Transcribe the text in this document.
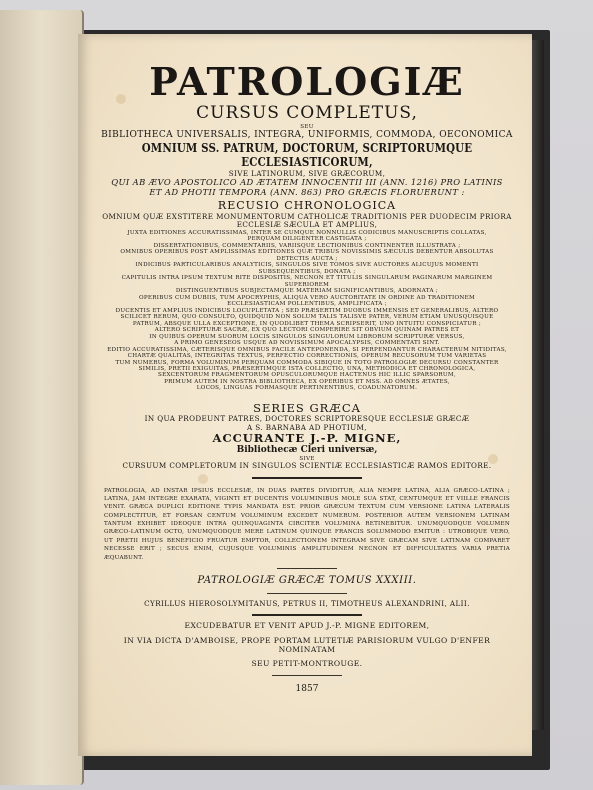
PATROLOGIÆ
CURSUS COMPLETUS,
SEU
BIBLIOTHECA UNIVERSALIS, INTEGRA, UNIFORMIS, COMMODA, OECONOMICA
OMNIUM SS. PATRUM, DOCTORUM, SCRIPTORUMQUE ECCLESIASTICORUM,
SIVE LATINORUM, SIVE GRÆCORUM,
QUI AB ÆVO APOSTOLICO AD ÆTATEM INNOCENTII III (ANN. 1216) PRO LATINIS
ET AD PHOTII TEMPORA (ANN. 863) PRO GRÆCIS FLORUERUNT :
RECUSIO CHRONOLOGICA
OMNIUM QUÆ EXSTITERE MONUMENTORUM CATHOLICÆ TRADITIONIS PER DUODECIM PRIORA
ECCLESIÆ SÆCULA ET AMPLIUS,
JUXTA EDITIONES ACCURATISSIMAS, INTER SE CUMQUE NONNULLIS CODICIBUS MANUSCRIPTIS COLLATAS,
PERQUAM DILIGENTER CASTIGATA ;
DISSERTATIONIBUS, COMMENTARIIS, VARIISQUE LECTIONIBUS CONTINENTER ILLUSTRATA ;
OMNIBUS OPERIBUS POST AMPLISSIMAS EDITIONES QUÆ TRIBUS NOVISSIMIS SÆCULIS DEBENTUR ABSOLUTAS
DETECTIS AUCTA ;
INDICIBUS PARTICULARIBUS ANALYTICIS, SINGULOS SIVE TOMOS SIVE AUCTORES ALICUJUS MOMENTI
SUBSEQUENTIBUS, DONATA ;
CAPITULIS INTRA IPSUM TEXTUM RITE DISPOSITIS, NECNON ET TITULIS SINGULARUM PAGINARUM MARGINEM SUPERIOREM
DISTINGUENTIBUS SUBJECTAMQUE MATERIAM SIGNIFICANTIBUS, ADORNATA ;
OPERIBUS CUM DUBIIS, TUM APOCRYPHIS, ALIQUA VERO AUCTORITATE IN ORDINE AD TRADITIONEM
ECCLESIASTICAM POLLENTIBUS, AMPLIFICATA ;
DUCENTIS ET AMPLIUS INDICIBUS LOCUPLETATA ; SED PRÆSERTIM DUOBUS IMMENSIS ET GENERALIBUS, ALTERO
SCILICET RERUM, QUO CONSULTO, QUIDQUID NON SOLUM TALIS TALISVE PATER, VERUM ETIAM UNUSQUISQUE
PATRUM, ABSQUE ULLA EXCEPTIONE, IN QUODLIBET THEMA SCRIPSERIT, UNO INTUITU CONSPICIATUR ;
ALTERO SCRIPTURÆ SACRÆ, EX QUO LECTORI COMPERIRE SIT OBVIUM QUINAM PATRES ET
IN QUIBUS OPERUM SUORUM LOCIS SINGULOS SINGULORUM LIBRORUM SCRIPTURÆ VERSUS,
A PRIMO GENESEOS USQUE AD NOVISSIMUM APOCALYPSIS, COMMENTATI SINT.
EDITIO ACCURATISSIMA, CÆTERISQUE OMNIBUS FACILE ANTEPONENDA, SI PERPENDANTUR CHARACTERUM NITIDITAS,
CHARTÆ QUALITAS, INTEGRITAS TEXTUS, PERFECTIO CORRECTIONIS, OPERUM RECUSORUM TUM VARIETAS
TUM NUMERUS, FORMA VOLUMINUM PERQUAM COMMODA SIBIQUE IN TOTO PATROLOGIÆ DECURSU CONSTANTER
SIMILIS, PRETII EXIGUITAS, PRÆSERTIMQUE ISTA COLLECTIO, UNA, METHODICA ET CHRONOLOGICA,
SEXCENTORUM FRAGMENTORUM OPUSCULORUMQUE HACTENUS HIC ILLIC SPARSORUM,
PRIMUM AUTEM IN NOSTRA BIBLIOTHECA, EX OPERIBUS ET MSS. AD OMNES ÆTATES,
LOCOS, LINGUAS FORMASQUE PERTINENTIBUS, COADUNATORUM.
SERIES GRÆCA
IN QUA PRODEUNT PATRES, DOCTORES SCRIPTORESQUE ECCLESIÆ GRÆCÆ
A S. BARNABA AD PHOTIUM,
ACCURANTE J.-P. MIGNE,
Bibliothecæ Cleri universæ,
SIVE
CURSUUM COMPLETORUM IN SINGULOS SCIENTIÆ ECCLESIASTICÆ RAMOS EDITORE.

PATROLOGIA, AD INSTAR IPSIUS ECCLESIÆ, IN DUAS PARTES DIVIDITUR, ALIA NEMPE LATINA, ALIA GRÆCO-LATINA ; LATINA, JAM INTEGRE EXARATA, VIGINTI ET DUCENTIS VOLUMINIBUS MOLE SUA STAT, CENTUMQUE ET VIILLE FRANCIS VENIT. GRÆCA DUPLICI EDITIONE TYPIS MANDATA EST. PRIOR GRÆCUM TEXTUM CUM VERSIONE LATINA LATERALIS COMPLECTITUR, ET FORSAN CENTUM VOLUMINUM EXCEDET NUMERUM. POSTERIOR AUTEM VERSIONEM LATINAM TANTUM EXHIBET IDEOQUE INTRA QUINQUAGINTA CIRCITER VOLUMINA RETINEBITUR. UNUMQUODQUE VOLUMEN GRÆCO-LATINUM OCTO, UNUMQUODQUE MERE LATINUM QUINQUE FRANCIS SOLUMMODO EMITUR : UTROBIQUE VERO, UT PRETII HUJUS BENEFICIO FRUATUR EMPTOR, COLLECTIONEM INTEGRAM SIVE GRÆCAM SIVE LATINAM COMPARET NECESSE ERIT ; SECUS ENIM, CUJUSQUE VOLUMINIS AMPLITUDINEM NECNON ET DIFFICULTATES VARIA PRETIA ÆQUABUNT.

PATROLOGIÆ GRÆCÆ TOMUS XXXIII.
CYRILLUS HIEROSOLYMITANUS, PETRUS II, TIMOTHEUS ALEXANDRINI, ALII.
EXCUDEBATUR ET VENIT APUD J.-P. MIGNE EDITOREM,
IN VIA DICTA D'AMBOISE, PROPE PORTAM LUTETIÆ PARISIORUM VULGO D'ENFER NOMINATAM
SEU PETIT-MONTROUGE.
1857
